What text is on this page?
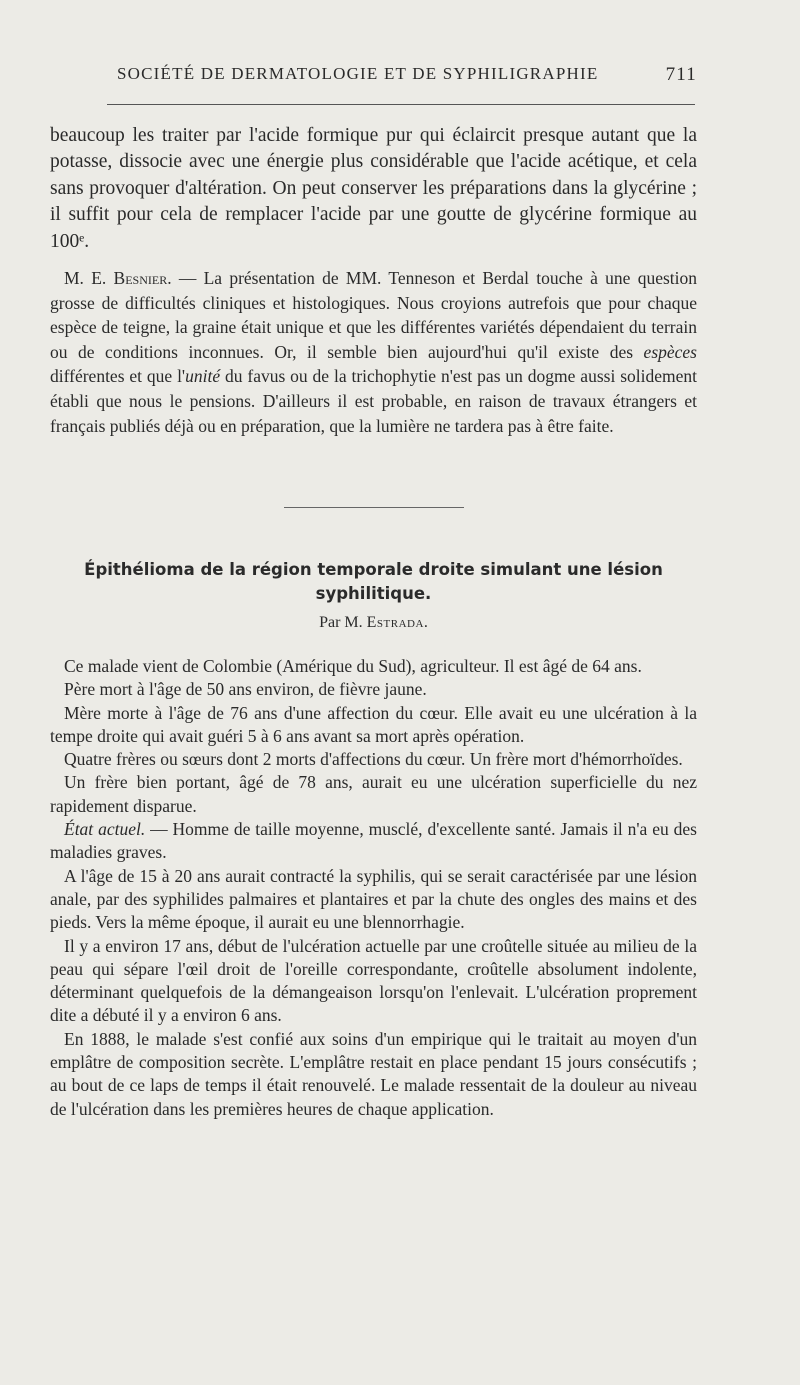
SOCIÉTÉ DE DERMATOLOGIE ET DE SYPHILIGRAPHIE	711

beaucoup les traiter par l'acide formique pur qui éclaircit presque autant que la potasse, dissocie avec une énergie plus considérable que l'acide acétique, et cela sans provoquer d'altération. On peut conserver les préparations dans la glycérine ; il suffit pour cela de remplacer l'acide par une goutte de glycérine formique au 100ᵉ.

M. E. Besnier. — La présentation de MM. Tenneson et Berdal touche à une question grosse de difficultés cliniques et histologiques. Nous croyions autrefois que pour chaque espèce de teigne, la graine était unique et que les différentes variétés dépendaient du terrain ou de conditions inconnues. Or, il semble bien aujourd'hui qu'il existe des espèces différentes et que l'unité du favus ou de la trichophytie n'est pas un dogme aussi solidement établi que nous le pensions. D'ailleurs il est probable, en raison de travaux étrangers et français publiés déjà ou en préparation, que la lumière ne tardera pas à être faite.

Épithélioma de la région temporale droite simulant une lésion syphilitique.
Par M. Estrada.

Ce malade vient de Colombie (Amérique du Sud), agriculteur. Il est âgé de 64 ans.

Père mort à l'âge de 50 ans environ, de fièvre jaune.

Mère morte à l'âge de 76 ans d'une affection du cœur. Elle avait eu une ulcération à la tempe droite qui avait guéri 5 à 6 ans avant sa mort après opération.

Quatre frères ou sœurs dont 2 morts d'affections du cœur. Un frère mort d'hémorrhoïdes.

Un frère bien portant, âgé de 78 ans, aurait eu une ulcération superficielle du nez rapidement disparue.

État actuel. — Homme de taille moyenne, musclé, d'excellente santé. Jamais il n'a eu des maladies graves.

A l'âge de 15 à 20 ans aurait contracté la syphilis, qui se serait caractérisée par une lésion anale, par des syphilides palmaires et plantaires et par la chute des ongles des mains et des pieds. Vers la même époque, il aurait eu une blennorrhagie.

Il y a environ 17 ans, début de l'ulcération actuelle par une croûtelle située au milieu de la peau qui sépare l'œil droit de l'oreille correspondante, croûtelle absolument indolente, déterminant quelquefois de la démangeaison lorsqu'on l'enlevait. L'ulcération proprement dite a débuté il y a environ 6 ans.

En 1888, le malade s'est confié aux soins d'un empirique qui le traitait au moyen d'un emplâtre de composition secrète. L'emplâtre restait en place pendant 15 jours consécutifs ; au bout de ce laps de temps il était renouvelé. Le malade ressentait de la douleur au niveau de l'ulcération dans les premières heures de chaque application.
